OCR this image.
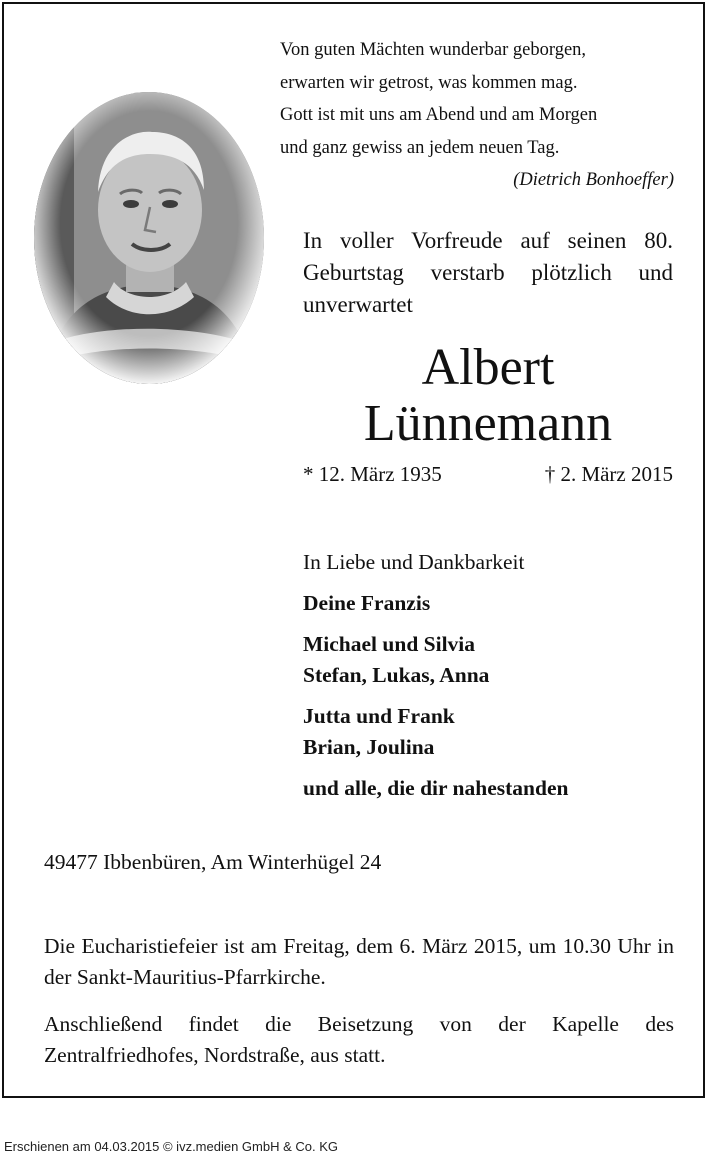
Von guten Mächten wunderbar geborgen,
erwarten wir getrost, was kommen mag.
Gott ist mit uns am Abend und am Morgen
und ganz gewiss an jedem neuen Tag.
(Dietrich Bonhoeffer)
In voller Vorfreude auf seinen 80. Geburtstag verstarb plötzlich und unverwartet
Albert
Lünnemann
* 12. März 1935	† 2. März 2015
In Liebe und Dankbarkeit
Deine Franzis
Michael und Silvia
Stefan, Lukas, Anna
Jutta und Frank
Brian, Joulina
und alle, die dir nahestanden
49477 Ibbenbüren, Am Winterhügel 24

Die Eucharistiefeier ist am Freitag, dem 6. März 2015, um 10.30 Uhr in der Sankt-Mauritius-Pfarrkirche.

Anschließend findet die Beisetzung von der Kapelle des Zentralfriedhofes, Nordstraße, aus statt.

Erschienen am 04.03.2015 © ivz.medien GmbH & Co. KG
